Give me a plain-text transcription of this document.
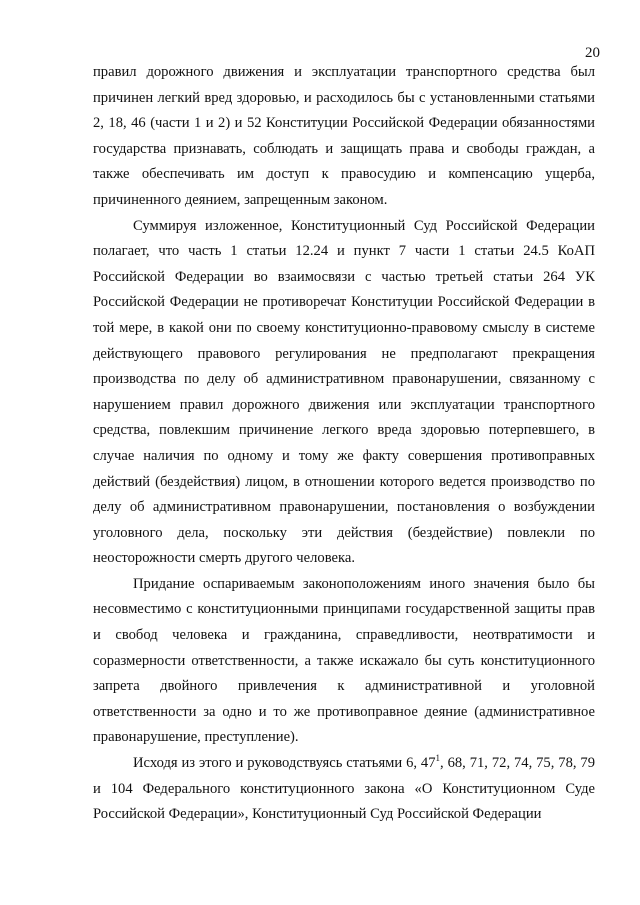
20

правил дорожного движения и эксплуатации транспортного средства был причинен легкий вред здоровью, и расходилось бы с установленными статьями 2, 18, 46 (части 1 и 2) и 52 Конституции Российской Федерации обязанностями государства признавать, соблюдать и защищать права и свободы граждан, а также обеспечивать им доступ к правосудию и компенсацию ущерба, причиненного деянием, запрещенным законом.

Суммируя изложенное, Конституционный Суд Российской Федерации полагает, что часть 1 статьи 12.24 и пункт 7 части 1 статьи 24.5 КоАП Российской Федерации во взаимосвязи с частью третьей статьи 264 УК Российской Федерации не противоречат Конституции Российской Федерации в той мере, в какой они по своему конституционно-правовому смыслу в системе действующего правового регулирования не предполагают прекращения производства по делу об административном правонарушении, связанному с нарушением правил дорожного движения или эксплуатации транспортного средства, повлекшим причинение легкого вреда здоровью потерпевшего, в случае наличия по одному и тому же факту совершения противоправных действий (бездействия) лицом, в отношении которого ведется производство по делу об административном правонарушении, постановления о возбуждении уголовного дела, поскольку эти действия (бездействие) повлекли по неосторожности смерть другого человека.

Придание оспариваемым законоположениям иного значения было бы несовместимо с конституционными принципами государственной защиты прав и свобод человека и гражданина, справедливости, неотвратимости и соразмерности ответственности, а также искажало бы суть конституционного запрета двойного привлечения к административной и уголовной ответственности за одно и то же противоправное деяние (административное правонарушение, преступление).

Исходя из этого и руководствуясь статьями 6, $47^1$, 68, 71, 72, 74, 75, 78, 79 и 104 Федерального конституционного закона «О Конституционном Суде Российской Федерации», Конституционный Суд Российской Федерации
